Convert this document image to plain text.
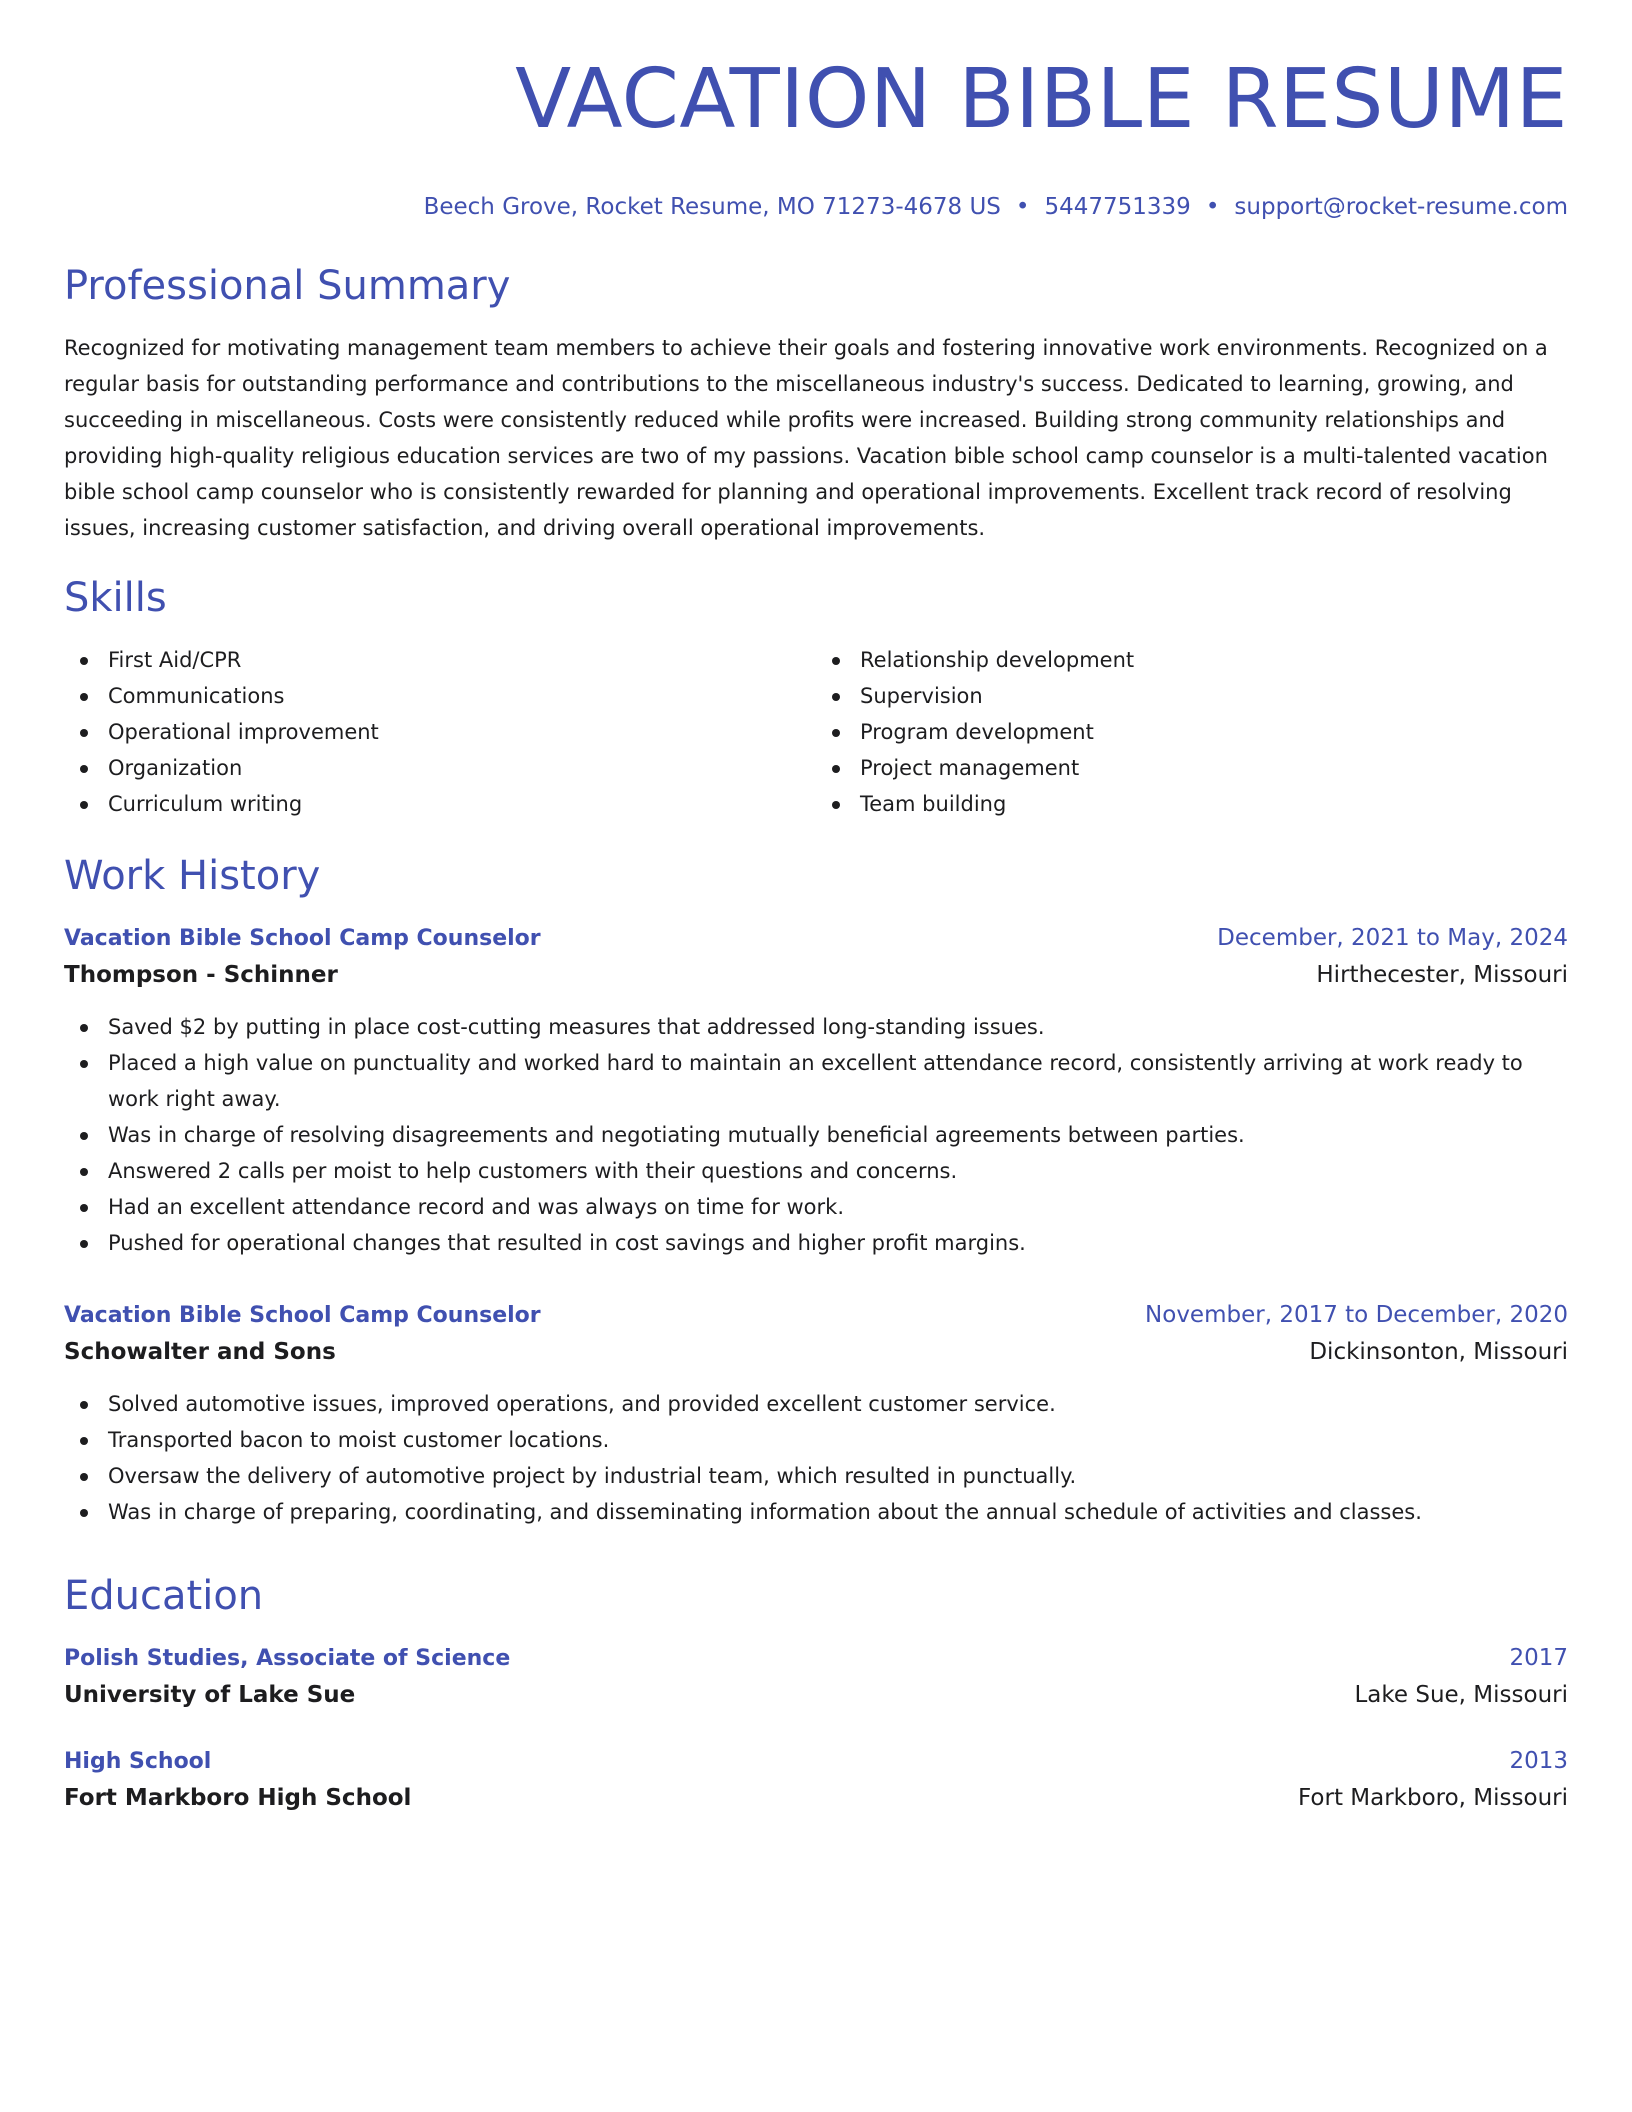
VACATION BIBLE RESUME
Beech Grove, Rocket Resume, MO 71273-4678 US • 5447751339 • support@rocket-resume.com
Professional Summary

Recognized for motivating management team members to achieve their goals and fostering innovative work environments. Recognized on a regular basis for outstanding performance and contributions to the miscellaneous industry's success. Dedicated to learning, growing, and succeeding in miscellaneous. Costs were consistently reduced while profits were increased. Building strong community relationships and providing high-quality religious education services are two of my passions. Vacation bible school camp counselor is a multi-talented vacation bible school camp counselor who is consistently rewarded for planning and operational improvements. Excellent track record of resolving issues, increasing customer satisfaction, and driving overall operational improvements.

Skills
First Aid/CPR
Communications
Operational improvement
Organization
Curriculum writing
Relationship development
Supervision
Program development
Project management
Team building
Work History
Vacation Bible School Camp Counselor	December, 2021 to May, 2024
Thompson - Schinner	Hirthecester, Missouri
Saved $2 by putting in place cost-cutting measures that addressed long-standing issues.
Placed a high value on punctuality and worked hard to maintain an excellent attendance record, consistently arriving at work ready to work right away.
Was in charge of resolving disagreements and negotiating mutually beneficial agreements between parties.
Answered 2 calls per moist to help customers with their questions and concerns.
Had an excellent attendance record and was always on time for work.
Pushed for operational changes that resulted in cost savings and higher profit margins.
Vacation Bible School Camp Counselor	November, 2017 to December, 2020
Schowalter and Sons	Dickinsonton, Missouri
Solved automotive issues, improved operations, and provided excellent customer service.
Transported bacon to moist customer locations.
Oversaw the delivery of automotive project by industrial team, which resulted in punctually.
Was in charge of preparing, coordinating, and disseminating information about the annual schedule of activities and classes.
Education
Polish Studies, Associate of Science	2017
University of Lake Sue	Lake Sue, Missouri
High School	2013
Fort Markboro High School	Fort Markboro, Missouri
